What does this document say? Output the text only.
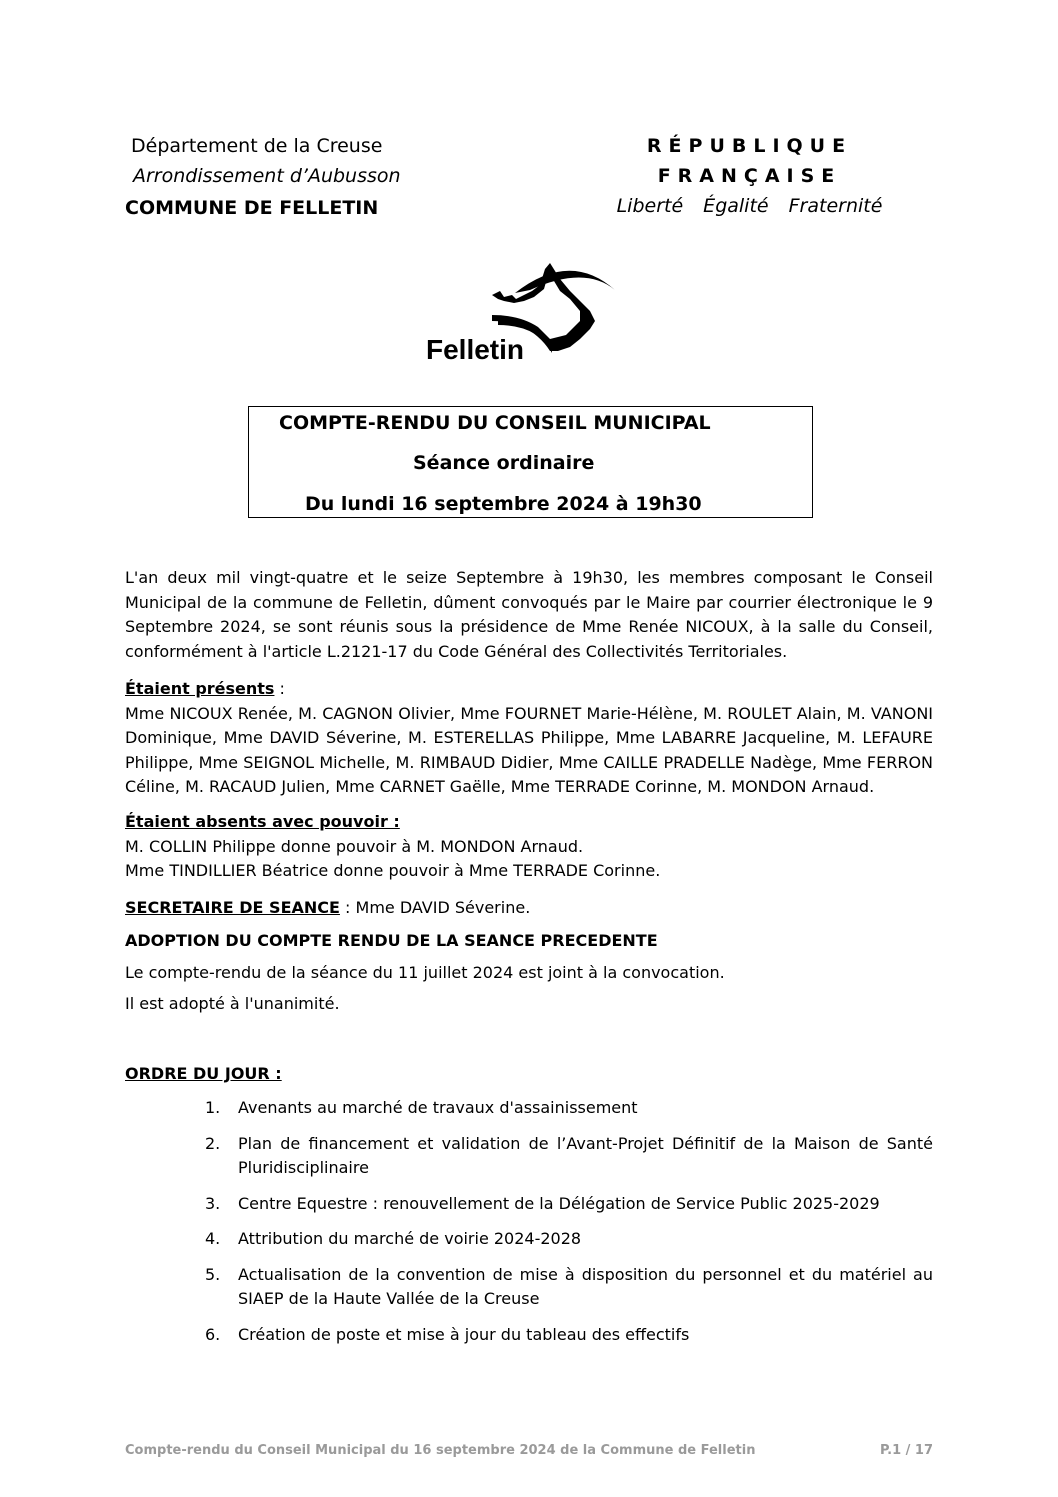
Département de la Creuse
Arrondissement d’Aubusson
COMMUNE DE FELLETIN
RÉPUBLIQUE FRANÇAISE
Liberté Égalité Fraternité
Felletin
COMPTE-RENDU DU CONSEIL MUNICIPAL
Séance ordinaire
Du lundi 16 septembre 2024 à 19h30
L'an deux mil vingt-quatre et le seize Septembre à 19h30, les membres composant le Conseil Municipal de la commune de Felletin, dûment convoqués par le Maire par courrier électronique le 9 Septembre 2024, se sont réunis sous la présidence de Mme Renée NICOUX, à la salle du Conseil, conformément à l'article L.2121-17 du Code Général des Collectivités Territoriales.
Étaient présents :
Mme NICOUX Renée, M. CAGNON Olivier, Mme FOURNET Marie-Hélène, M. ROULET Alain, M. VANONI Dominique, Mme DAVID Séverine, M. ESTERELLAS Philippe, Mme LABARRE Jacqueline, M. LEFAURE Philippe, Mme SEIGNOL Michelle, M. RIMBAUD Didier, Mme CAILLE PRADELLE Nadège, Mme FERRON Céline, M. RACAUD Julien, Mme CARNET Gaëlle, Mme TERRADE Corinne, M. MONDON Arnaud.
Étaient absents avec pouvoir :
M. COLLIN Philippe donne pouvoir à M. MONDON Arnaud.
Mme TINDILLIER Béatrice donne pouvoir à Mme TERRADE Corinne.
SECRETAIRE DE SEANCE : Mme DAVID Séverine.
ADOPTION DU COMPTE RENDU DE LA SEANCE PRECEDENTE
Le compte-rendu de la séance du 11 juillet 2024 est joint à la convocation.
Il est adopté à l'unanimité.
ORDRE DU JOUR :
1.	Avenants au marché de travaux d'assainissement
2.	Plan de financement et validation de l’Avant-Projet Définitif de la Maison de Santé Pluridisciplinaire
3.	Centre Equestre : renouvellement de la Délégation de Service Public 2025-2029
4.	Attribution du marché de voirie 2024-2028
5.	Actualisation de la convention de mise à disposition du personnel et du matériel au SIAEP de la Haute Vallée de la Creuse
6.	Création de poste et mise à jour du tableau des effectifs
Compte-rendu du Conseil Municipal du 16 septembre 2024 de la Commune de Felletin	P.1 / 17
